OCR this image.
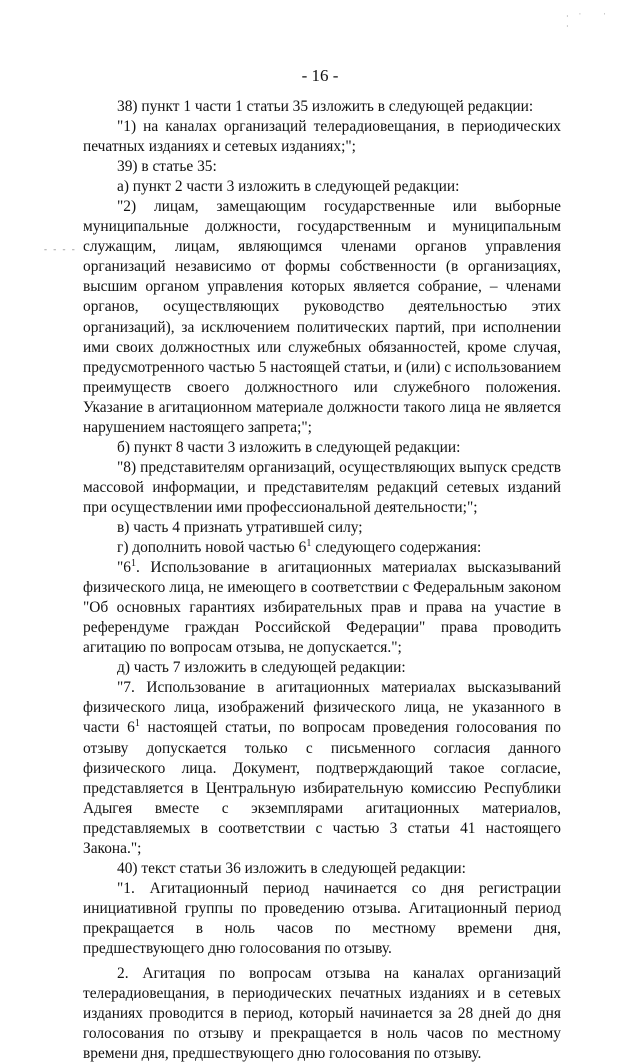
·ˈ ˈ ·
- 16 -
- - - -

38) пункт 1 части 1 статьи 35 изложить в следующей редакции:

"1) на каналах организаций телерадиовещания, в периодических печатных изданиях и сетевых изданиях;";

39) в статье 35:

а) пункт 2 части 3 изложить в следующей редакции:

"2) лицам, замещающим государственные или выборные муниципальные должности, государственным и муниципальным служащим, лицам, являющимся членами органов управления организаций независимо от формы собственности (в организациях, высшим органом управления которых является собрание, – членами органов, осуществляющих руководство деятельностью этих организаций), за исключением политических партий, при исполнении ими своих должностных или служебных обязанностей, кроме случая, предусмотренного частью 5 настоящей статьи, и (или) с использованием преимуществ своего должностного или служебного положения. Указание в агитационном материале должности такого лица не является нарушением настоящего запрета;";

б) пункт 8 части 3 изложить в следующей редакции:

"8) представителям организаций, осуществляющих выпуск средств массовой информации, и представителям редакций сетевых изданий при осуществлении ими профессиональной деятельности;";

в) часть 4 признать утратившей силу;

г) дополнить новой частью $6^1$ следующего содержания:

"$6^1$. Использование в агитационных материалах высказываний физического лица, не имеющего в соответствии с Федеральным законом "Об основных гарантиях избирательных прав и права на участие в референдуме граждан Российской Федерации" права проводить агитацию по вопросам отзыва, не допускается.";

д) часть 7 изложить в следующей редакции:

"7. Использование в агитационных материалах высказываний физического лица, изображений физического лица, не указанного в части $6^1$ настоящей статьи, по вопросам проведения голосования по отзыву допускается только с письменного согласия данного физического лица. Документ, подтверждающий такое согласие, представляется в Центральную избирательную комиссию Республики Адыгея вместе с экземплярами агитационных материалов, представляемых в соответствии с частью 3 статьи 41 настоящего Закона.";

40) текст статьи 36 изложить в следующей редакции:

"1. Агитационный период начинается со дня регистрации инициативной группы по проведению отзыва. Агитационный период прекращается в ноль часов по местному времени дня, предшествующего дню голосования по отзыву.

2. Агитация по вопросам отзыва на каналах организаций телерадиовещания, в периодических печатных изданиях и в сетевых изданиях проводится в период, который начинается за 28 дней до дня голосования по отзыву и прекращается в ноль часов по местному времени дня, предшествующего дню голосования по отзыву.
